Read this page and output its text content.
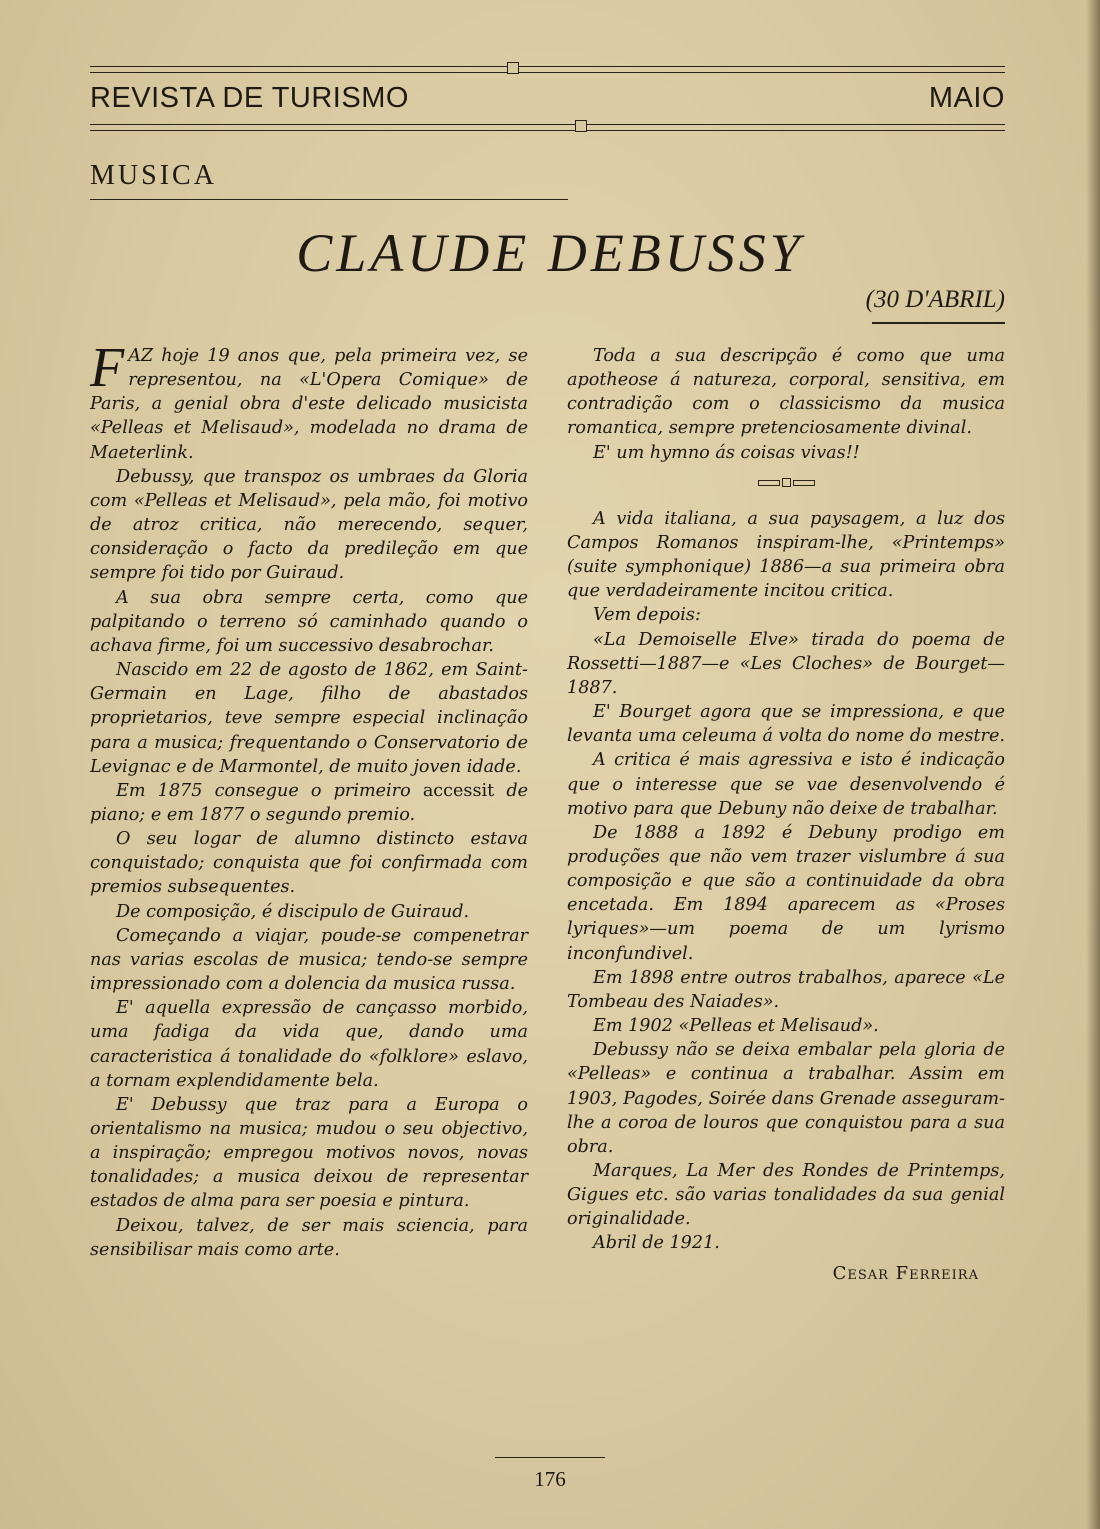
REVISTA DE TURISMO	MAIO
MUSICA
CLAUDE DEBUSSY
(30 D'ABRIL)

FAZ hoje 19 anos que, pela primeira vez, se representou, na «L'Opera Comique» de Paris, a genial obra d'este delicado musicista «Pelleas et Melisaud», modelada no drama de Maeterlink.

Debussy, que transpoz os umbraes da Gloria com «Pelleas et Melisaud», pela mão, foi motivo de atroz critica, não merecendo, sequer, consideração o facto da predileção em que sempre foi tido por Guiraud.

A sua obra sempre certa, como que palpitando o terreno só caminhado quando o achava firme, foi um successivo desabrochar.

Nascido em 22 de agosto de 1862, em Saint-Germain en Lage, filho de abastados proprietarios, teve sempre especial inclinação para a musica; frequentando o Conservatorio de Levignac e de Marmontel, de muito joven idade.

Em 1875 consegue o primeiro accessit de piano; e em 1877 o segundo premio.

O seu logar de alumno distincto estava conquistado; conquista que foi confirmada com premios subsequentes.

De composição, é discipulo de Guiraud.

Começando a viajar, poude-se compenetrar nas varias escolas de musica; tendo-se sempre impressionado com a dolencia da musica russa.

E' aquella expressão de cançasso morbido, uma fadiga da vida que, dando uma caracteristica á tonalidade do «folklore» eslavo, a tornam explendidamente bela.

E' Debussy que traz para a Europa o orientalismo na musica; mudou o seu objectivo, a inspiração; empregou motivos novos, novas tonalidades; a musica deixou de representar estados de alma para ser poesia e pintura.

Deixou, talvez, de ser mais sciencia, para sensibilisar mais como arte.

Toda a sua descripção é como que uma apotheose á natureza, corporal, sensitiva, em contradição com o classicismo da musica romantica, sempre pretenciosamente divinal.

E' um hymno ás coisas vivas!!

A vida italiana, a sua paysagem, a luz dos Campos Romanos inspiram-lhe, «Printemps» (suite symphonique) 1886—a sua primeira obra que verdadeiramente incitou critica.

Vem depois:

«La Demoiselle Elve» tirada do poema de Rossetti—1887—e «Les Cloches» de Bourget—1887.

E' Bourget agora que se impressiona, e que levanta uma celeuma á volta do nome do mestre.

A critica é mais agressiva e isto é indicação que o interesse que se vae desenvolvendo é motivo para que Debuny não deixe de trabalhar.

De 1888 a 1892 é Debuny prodigo em produções que não vem trazer vislumbre á sua composição e que são a continuidade da obra encetada. Em 1894 aparecem as «Proses lyriques»—um poema de um lyrismo inconfundivel.

Em 1898 entre outros trabalhos, aparece «Le Tombeau des Naiades».

Em 1902 «Pelleas et Melisaud».

Debussy não se deixa embalar pela gloria de «Pelleas» e continua a trabalhar. Assim em 1903, Pagodes, Soirée dans Grenade asseguram-lhe a coroa de louros que conquistou para a sua obra.

Marques, La Mer des Rondes de Printemps, Gigues etc. são varias tonalidades da sua genial originalidade.

Abril de 1921.

Cesar Ferreira
176
